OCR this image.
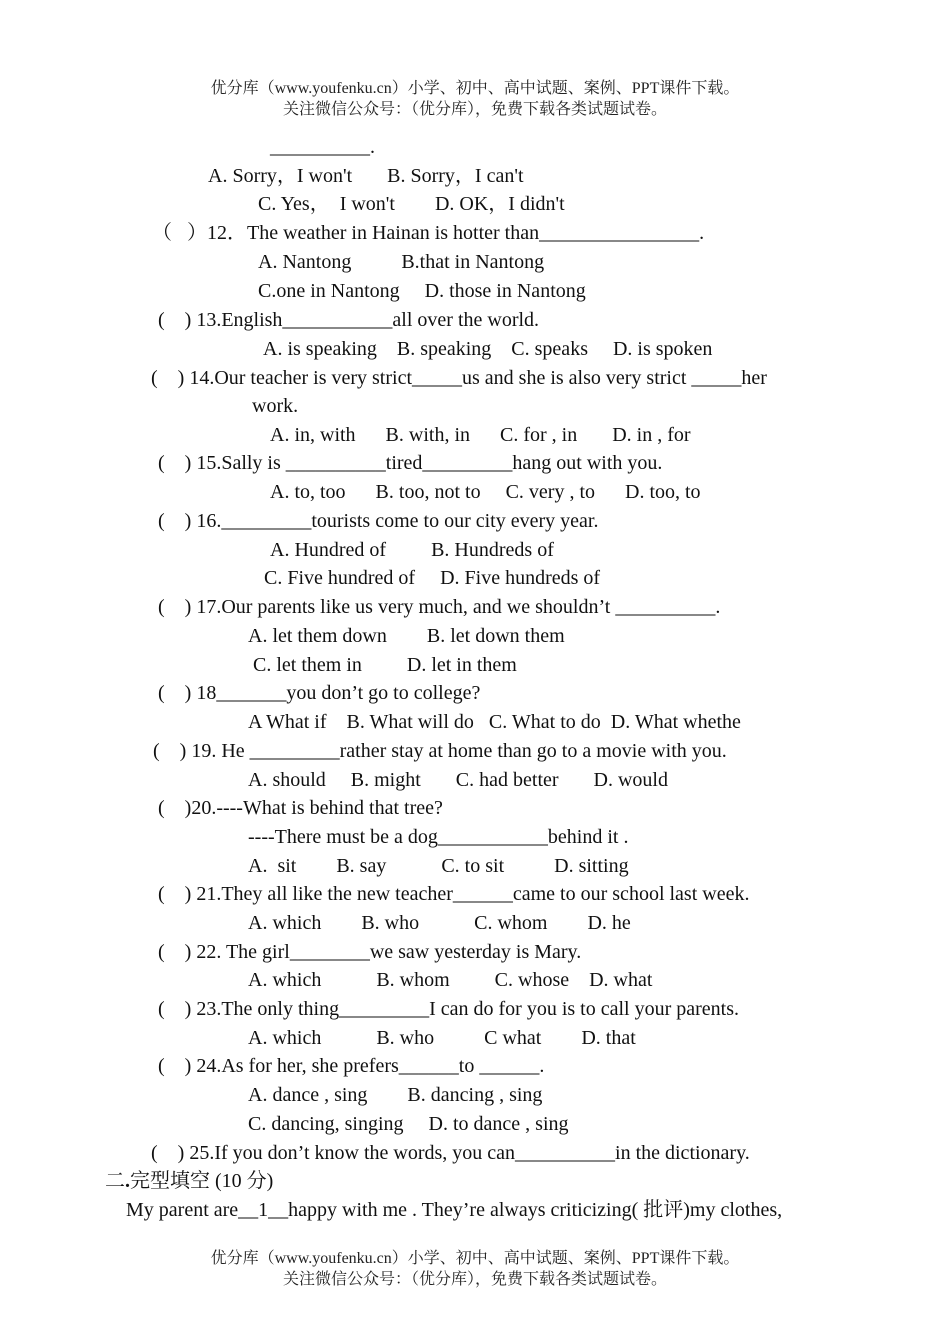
优分库（www.youfenku.cn）小学、初中、高中试题、案例、PPT课件下载。
关注微信公众号：（优分库），免费下载各类试题试卷。
__________.
A. Sorry，I won't       B. Sorry，I can't
C. Yes，  I won't        D. OK，I didn't
（   ）12．The weather in Hainan is hotter than________________.
A. Nantong          B.that in Nantong
C.one in Nantong     D. those in Nantong
(    ) 13.English___________all over the world.
A. is speaking    B. speaking    C. speaks     D. is spoken
(    ) 14.Our teacher is very strict_____us and she is also very strict _____her
work.
A. in, with      B. with, in      C. for , in       D. in , for
(    ) 15.Sally is __________tired_________hang out with you.
A. to, too      B. too, not to     C. very , to      D. too, to
(    ) 16._________tourists come to our city every year.
A. Hundred of         B. Hundreds of
C. Five hundred of     D. Five hundreds of
(    ) 17.Our parents like us very much, and we shouldn’t __________.
A. let them down        B. let down them
C. let them in         D. let in them
(    ) 18_______you don’t go to college?
A What if    B. What will do   C. What to do  D. What whethe
(    ) 19. He _________rather stay at home than go to a movie with you.
A. should     B. might       C. had better       D. would
(    )20.----What is behind that tree?
----There must be a dog___________behind it .
A.  sit        B. say           C. to sit          D. sitting
(    ) 21.They all like the new teacher______came to our school last week.
A. which        B. who           C. whom        D. he
(    ) 22. The girl________we saw yesterday is Mary.
A. which           B. whom         C. whose    D. what
(    ) 23.The only thing_________I can do for you is to call your parents.
A. which           B. who          C what        D. that
(    ) 24.As for her, she prefers______to ______.
A. dance , sing        B. dancing , sing
C. dancing, singing     D. to dance , sing
(    ) 25.If you don’t know the words, you can__________in the dictionary.
二.完型填空 (10 分)
My parent are__1__happy with me . They’re always criticizing( 批评)my clothes,
优分库（www.youfenku.cn）小学、初中、高中试题、案例、PPT课件下载。
关注微信公众号：（优分库），免费下载各类试题试卷。
